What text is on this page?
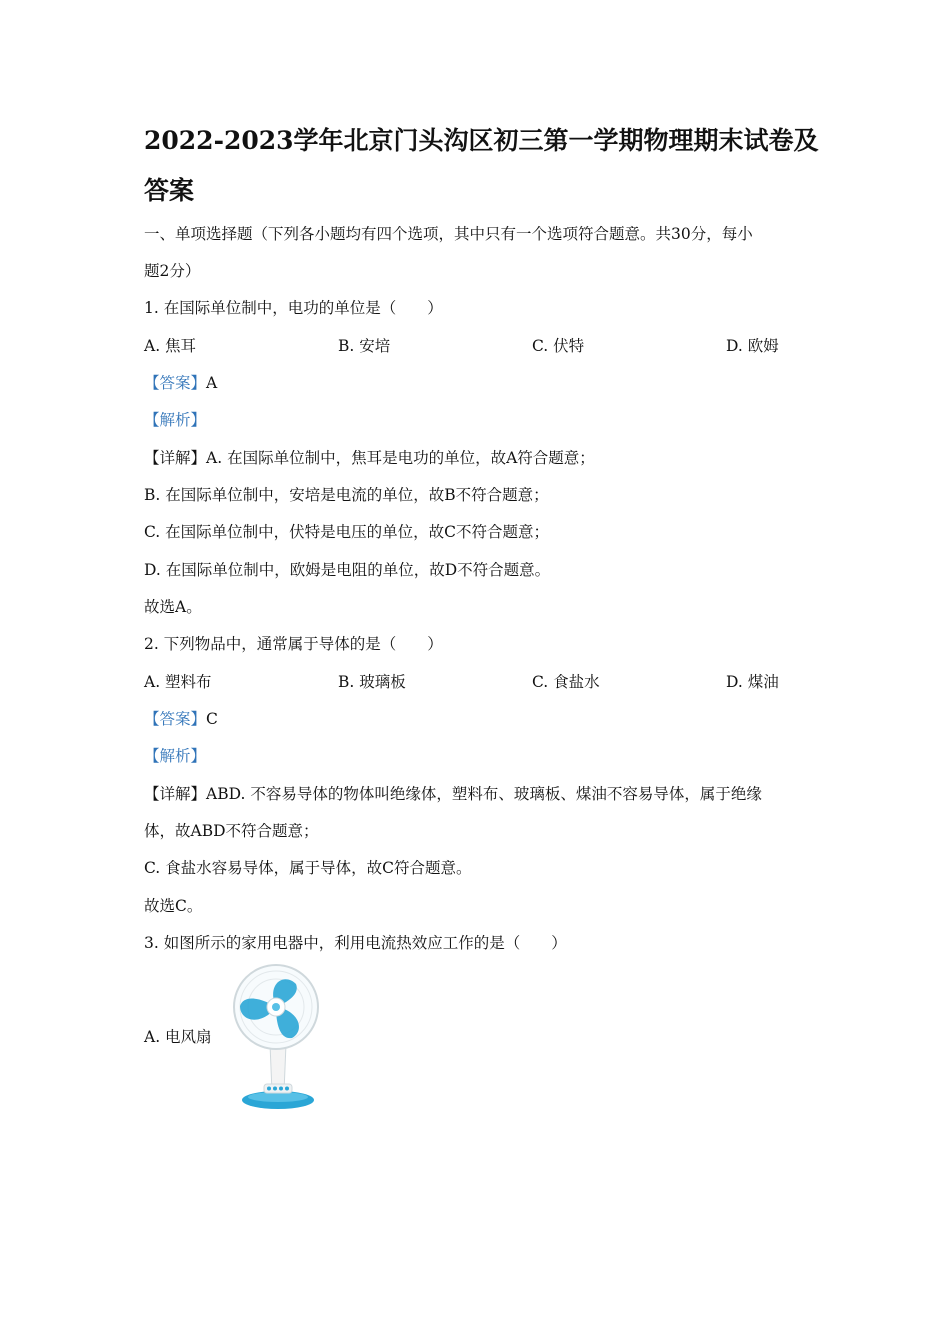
2022-2023学年北京门头沟区初三第一学期物理期末试卷及
答案
一、单项选择题（下列各小题均有四个选项，其中只有一个选项符合题意。共30分，每小
题2分）
1. 在国际单位制中，电功的单位是（　　）
A. 焦耳	B. 安培	C. 伏特	D. 欧姆
【答案】A
【解析】
【详解】A. 在国际单位制中，焦耳是电功的单位，故A符合题意；
B. 在国际单位制中，安培是电流的单位，故B不符合题意；
C. 在国际单位制中，伏特是电压的单位，故C不符合题意；
D. 在国际单位制中，欧姆是电阻的单位，故D不符合题意。
故选A。
2. 下列物品中，通常属于导体的是（　　）
A. 塑料布	B. 玻璃板	C. 食盐水	D. 煤油
【答案】C
【解析】
【详解】ABD. 不容易导体的物体叫绝缘体，塑料布、玻璃板、煤油不容易导体，属于绝缘
体，故ABD不符合题意；
C. 食盐水容易导体，属于导体，故C符合题意。
故选C。
3. 如图所示的家用电器中，利用电流热效应工作的是（　　）
A. 电风扇
